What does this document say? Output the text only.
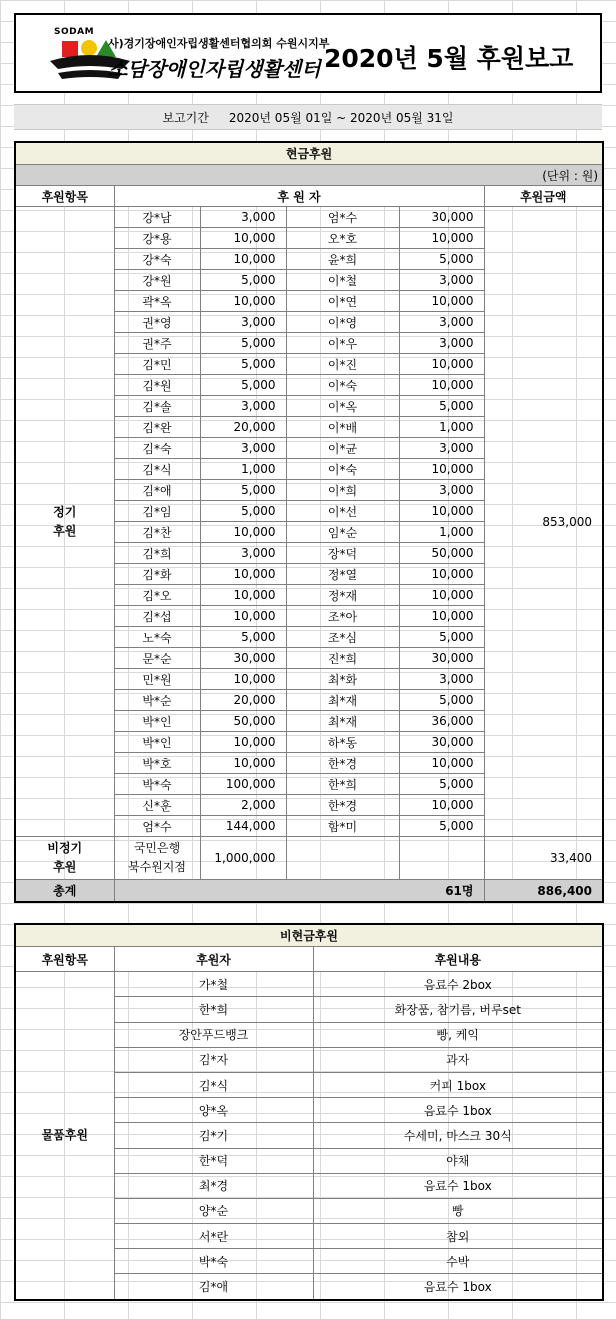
SODAM
사)경기장애인자립생활센터협의회 수원시지부
소담장애인자립생활센터 2020년 5월 후원보고
보고기간 2020년 05월 01일 ~ 2020년 05월 31일
현금후원					
(단위 : 원)					
후원항목	후 원 자				후원금액
정기
후원	강*남	3,000	엄*수	30,000	853,000
	강*용	10,000	오*호	10,000	
	강*숙	10,000	윤*희	5,000	
	강*원	5,000	이*철	3,000	
	곽*옥	10,000	이*연	10,000	
	권*영	3,000	이*영	3,000	
	권*주	5,000	이*우	3,000	
	김*민	5,000	이*진	10,000	
	김*원	5,000	이*숙	10,000	
	김*솔	3,000	이*옥	5,000	
	김*완	20,000	이*배	1,000	
	김*숙	3,000	이*균	3,000	
	김*식	1,000	이*숙	10,000	
	김*애	5,000	이*희	3,000	
	김*임	5,000	이*선	10,000	
	김*찬	10,000	임*순	1,000	
	김*희	3,000	장*덕	50,000	
	김*화	10,000	정*열	10,000	
	김*오	10,000	정*재	10,000	
	김*섭	10,000	조*아	10,000	
	노*숙	5,000	조*심	5,000	
	문*순	30,000	진*희	30,000	
	민*원	10,000	최*화	3,000	
	박*순	20,000	최*재	5,000	
	박*인	50,000	최*재	36,000	
	박*인	10,000	하*동	30,000	
	박*호	10,000	한*경	10,000	
	박*숙	100,000	한*희	5,000	
	신*훈	2,000	한*경	10,000	
	엄*수	144,000	함*미	5,000	
비정기
후원	국민은행
북수원지점	1,000,000			33,400
총계	61명				886,400
비현금후원		
후원항목	후원자	후원내용
물품후원	가*철	음료수 2box
	한*희	화장품, 참기름, 버루set
	장안푸드뱅크	빵, 케익
	김*자	과자
	김*식	커피 1box
	양*옥	음료수 1box
	김*기	수세미, 마스크 30식
	한*덕	야채
	최*경	음료수 1box
	양*순	빵
	서*란	참외
	박*숙	수박
	김*애	음료수 1box
